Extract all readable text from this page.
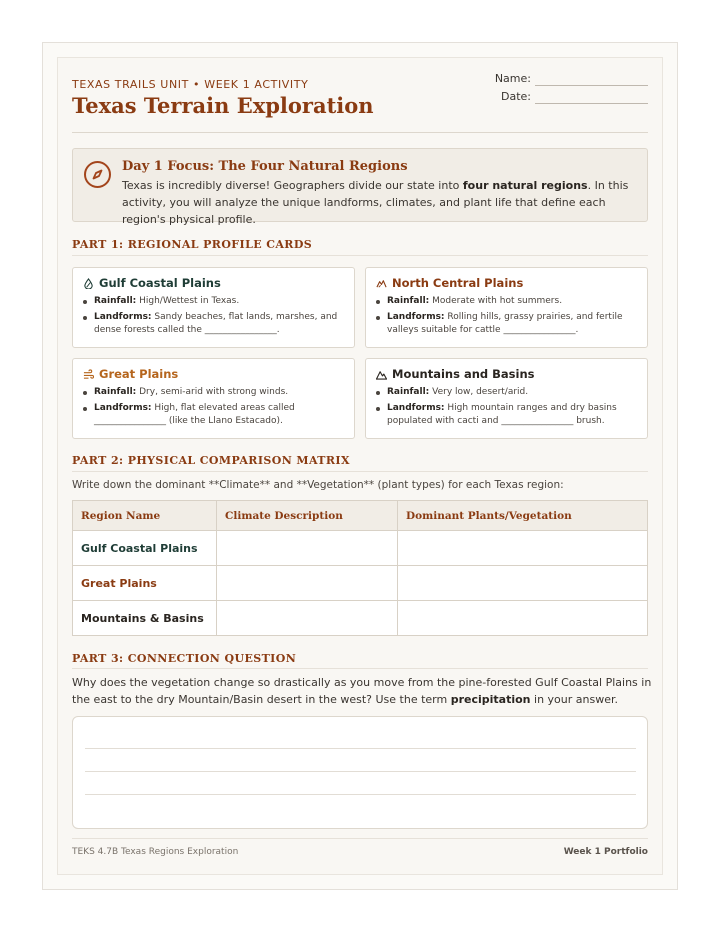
TEXAS TRAILS UNIT • WEEK 1 ACTIVITY
Texas Terrain Exploration
Name:
Date:
Day 1 Focus: The Four Natural Regions
Texas is incredibly diverse! Geographers divide our state into four natural regions. In this activity, you will analyze the unique landforms, climates, and plant life that define each region's physical profile.
PART 1: REGIONAL PROFILE CARDS
Gulf Coastal Plains
Rainfall: High/Wettest in Texas.
Landforms: Sandy beaches, flat lands, marshes, and dense forests called the ________________.
North Central Plains
Rainfall: Moderate with hot summers.
Landforms: Rolling hills, grassy prairies, and fertile valleys suitable for cattle ________________.
Great Plains
Rainfall: Dry, semi-arid with strong winds.
Landforms: High, flat elevated areas called ________________ (like the Llano Estacado).
Mountains and Basins
Rainfall: Very low, desert/arid.
Landforms: High mountain ranges and dry basins populated with cacti and ________________ brush.
PART 2: PHYSICAL COMPARISON MATRIX
Write down the dominant **Climate** and **Vegetation** (plant types) for each Texas region:
Region Name	Climate Description	Dominant Plants/Vegetation
Gulf Coastal Plains		
Great Plains		
Mountains & Basins		
PART 3: CONNECTION QUESTION
Why does the vegetation change so drastically as you move from the pine-forested Gulf Coastal Plains in the east to the dry Mountain/Basin desert in the west? Use the term precipitation in your answer.
TEKS 4.7B Texas Regions Exploration	Week 1 Portfolio
